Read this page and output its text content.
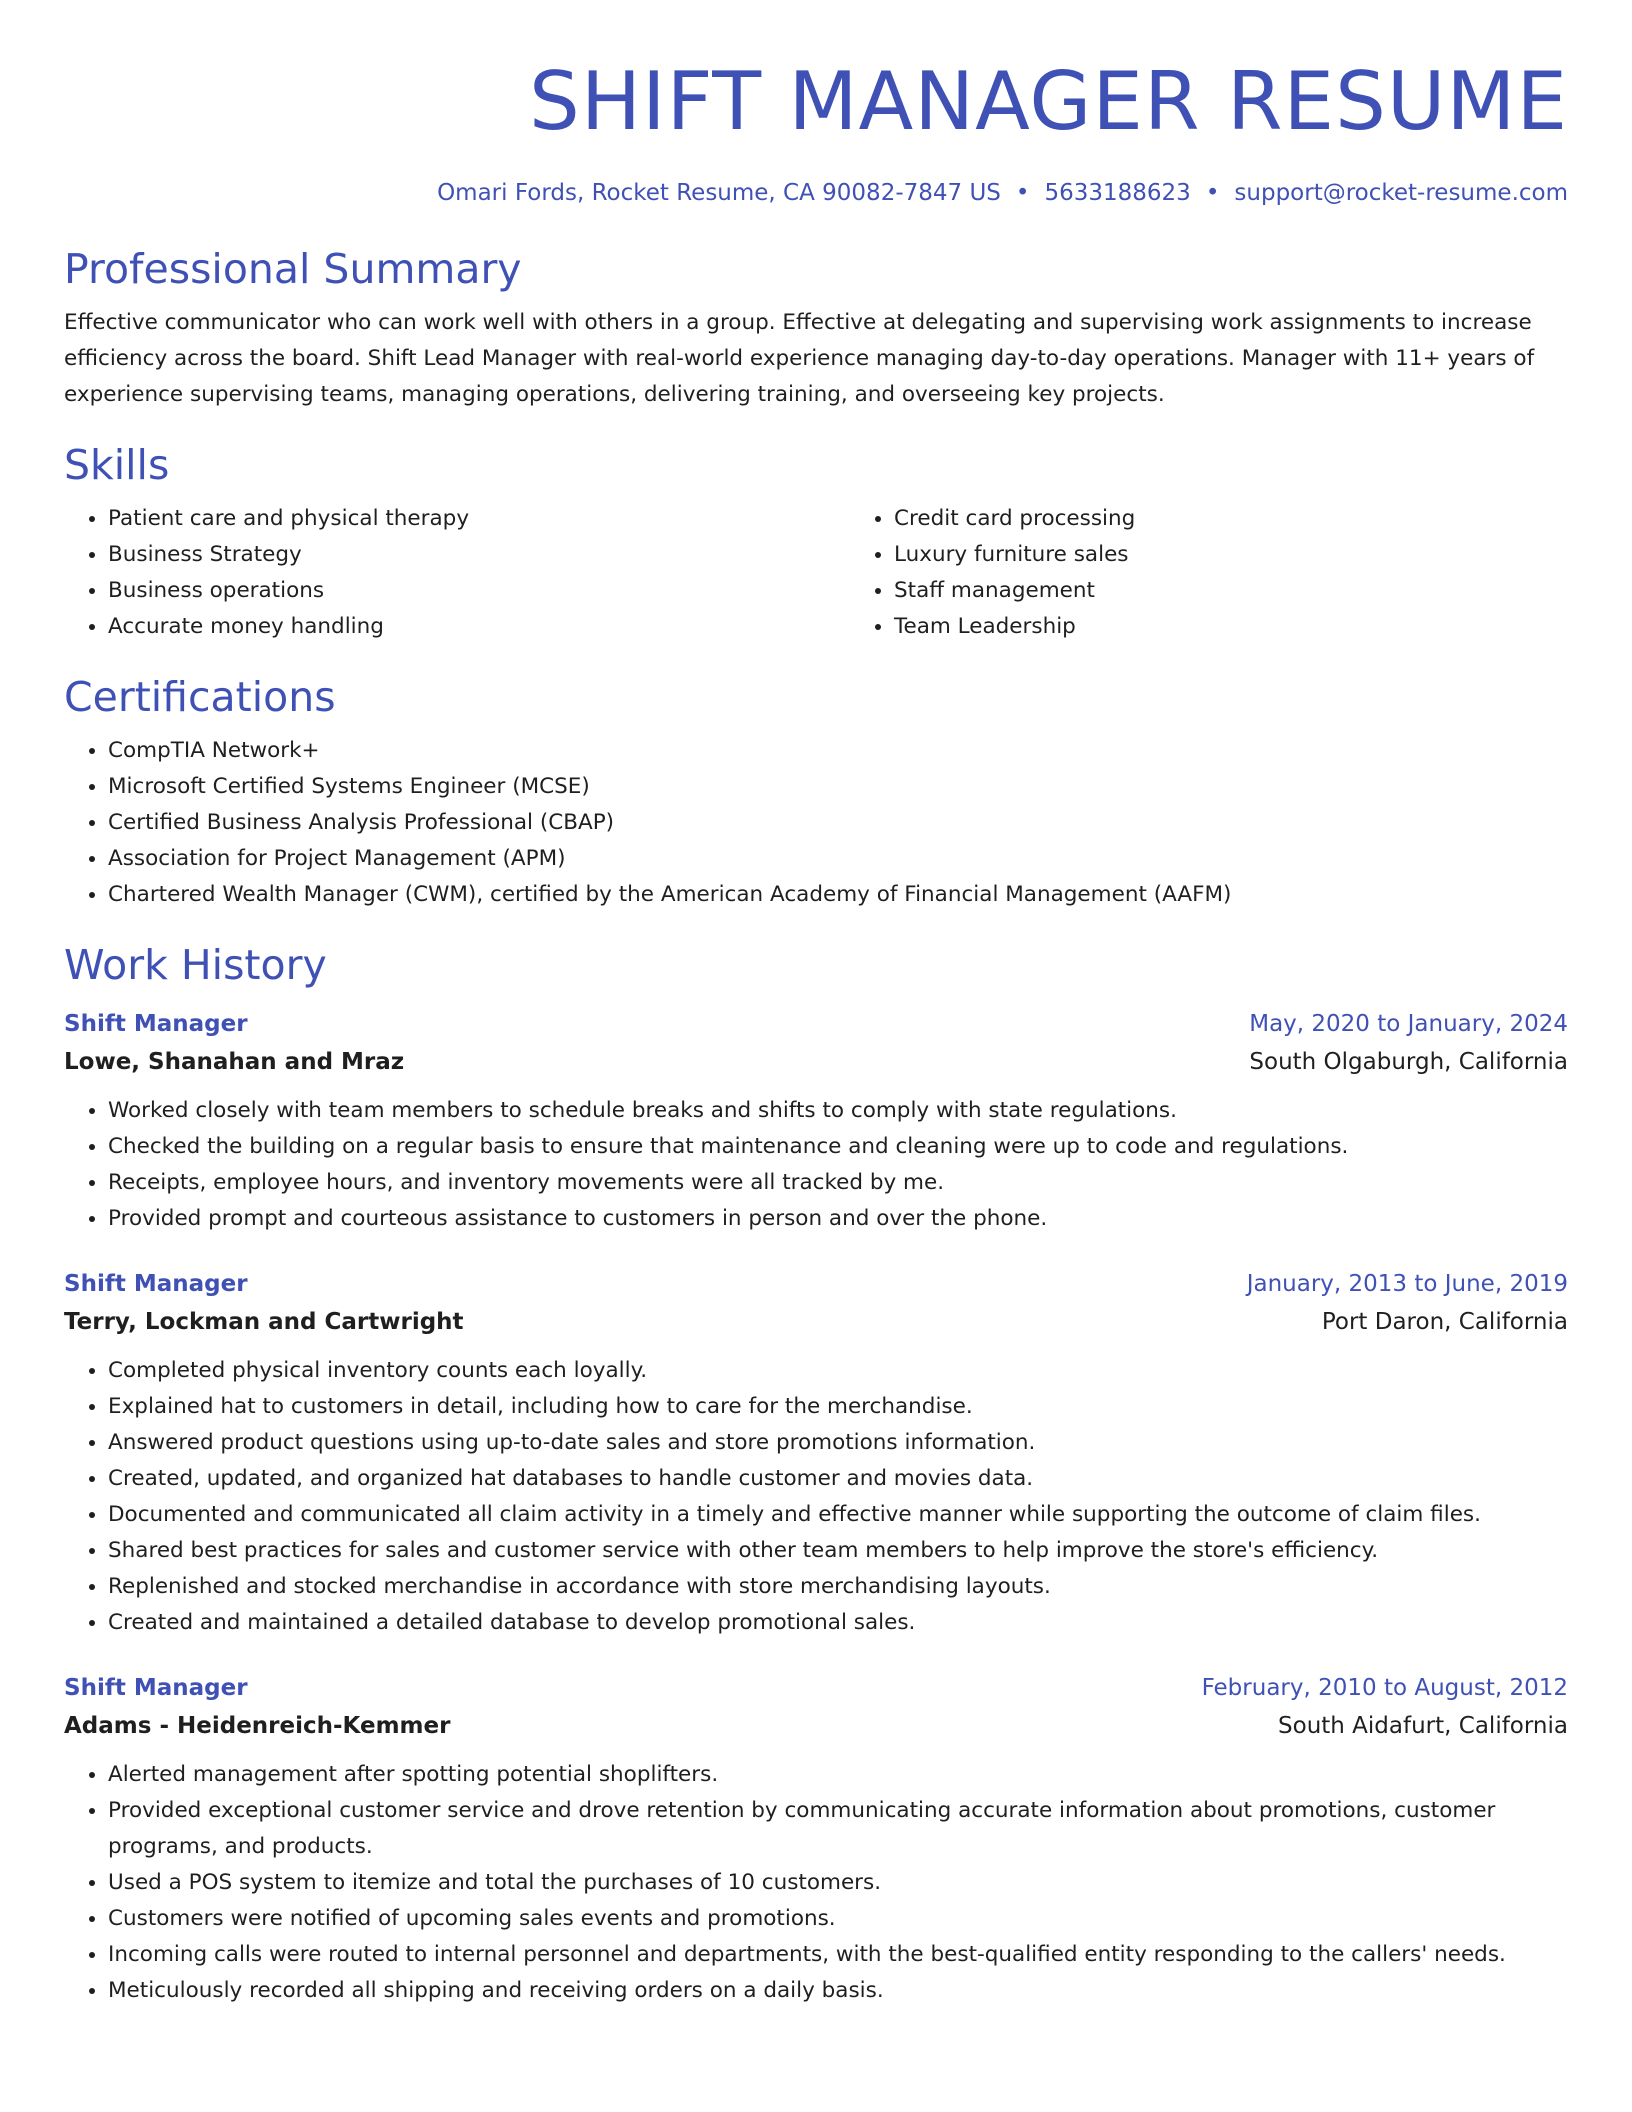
SHIFT MANAGER RESUME
Omari Fords, Rocket Resume, CA 90082-7847 US • 5633188623 • support@rocket-resume.com
Professional Summary

Effective communicator who can work well with others in a group. Effective at delegating and supervising work assignments to increase efficiency across the board. Shift Lead Manager with real-world experience managing day-to-day operations. Manager with 11+ years of experience supervising teams, managing operations, delivering training, and overseeing key projects.

Skills
• Patient care and physical therapy
• Business Strategy
• Business operations
• Accurate money handling
• Credit card processing
• Luxury furniture sales
• Staff management
• Team Leadership
Certifications
• CompTIA Network+
• Microsoft Certified Systems Engineer (MCSE)
• Certified Business Analysis Professional (CBAP)
• Association for Project Management (APM)
• Chartered Wealth Manager (CWM), certified by the American Academy of Financial Management (AAFM)
Work History
Shift Manager	May, 2020 to January, 2024
Lowe, Shanahan and Mraz	South Olgaburgh, California
• Worked closely with team members to schedule breaks and shifts to comply with state regulations.
• Checked the building on a regular basis to ensure that maintenance and cleaning were up to code and regulations.
• Receipts, employee hours, and inventory movements were all tracked by me.
• Provided prompt and courteous assistance to customers in person and over the phone.
Shift Manager	January, 2013 to June, 2019
Terry, Lockman and Cartwright	Port Daron, California
• Completed physical inventory counts each loyally.
• Explained hat to customers in detail, including how to care for the merchandise.
• Answered product questions using up-to-date sales and store promotions information.
• Created, updated, and organized hat databases to handle customer and movies data.
• Documented and communicated all claim activity in a timely and effective manner while supporting the outcome of claim files.
• Shared best practices for sales and customer service with other team members to help improve the store's efficiency.
• Replenished and stocked merchandise in accordance with store merchandising layouts.
• Created and maintained a detailed database to develop promotional sales.
Shift Manager	February, 2010 to August, 2012
Adams - Heidenreich-Kemmer	South Aidafurt, California
• Alerted management after spotting potential shoplifters.
• Provided exceptional customer service and drove retention by communicating accurate information about promotions, customer programs, and products.
• Used a POS system to itemize and total the purchases of 10 customers.
• Customers were notified of upcoming sales events and promotions.
• Incoming calls were routed to internal personnel and departments, with the best-qualified entity responding to the callers' needs.
• Meticulously recorded all shipping and receiving orders on a daily basis.
